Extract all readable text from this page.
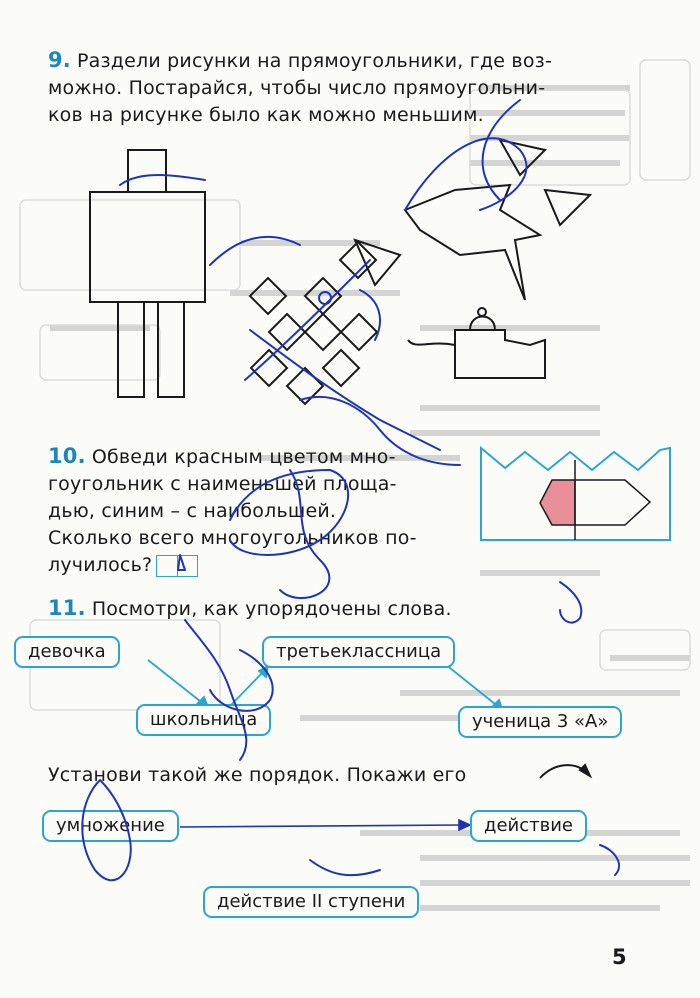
9. Раздели рисунки на прямоугольники, где воз-
можно. Постарайся, чтобы число прямоугольни-
ков на рисунке было как можно меньшим.
10. Обведи красным цветом мно-
гоугольник с наименьшей площа-
дью, синим – с наибольшей.
Сколько всего многоугольников по-
лучилось?
11. Посмотри, как упорядочены слова.
девочка	третьеклассница
школьница	ученица 3 «А»
Установи такой же порядок. Покажи его
умножение	действие
действие II ступени
5
